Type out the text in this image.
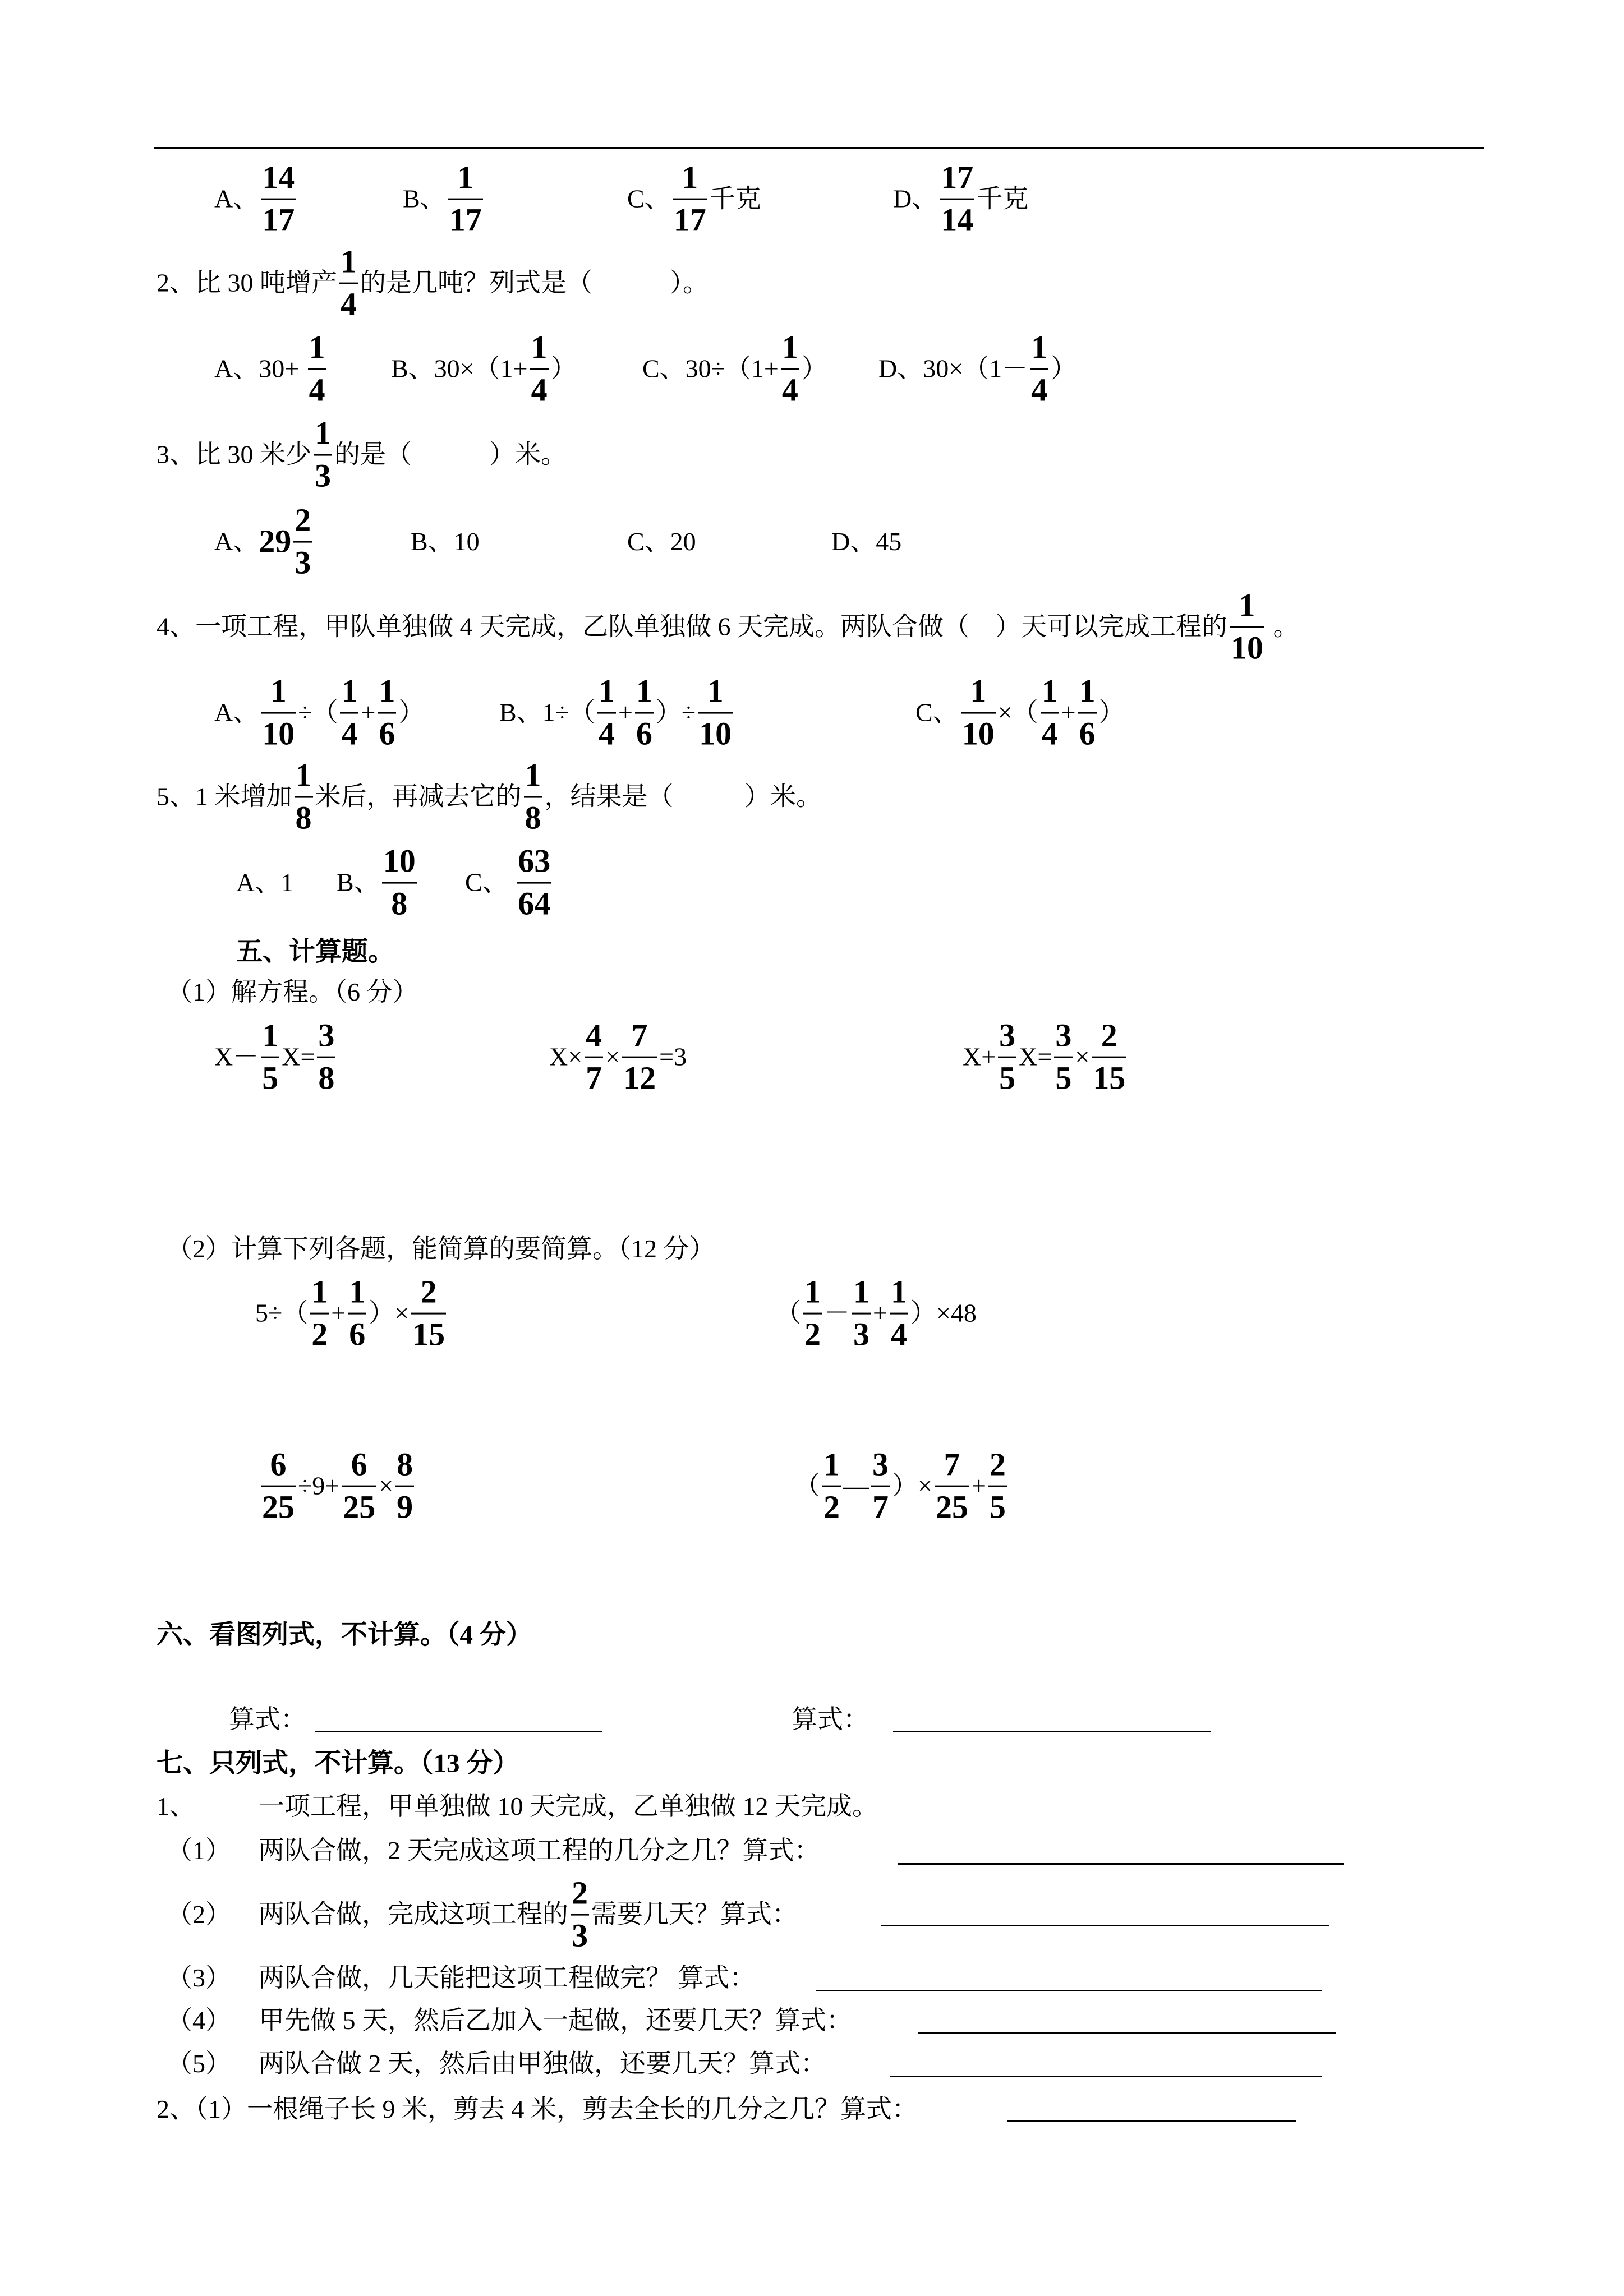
A、 $\frac{14}{17}$	B、 $\frac{1}{17}$	C、 $\frac{1}{17}$ 千克	D、 $\frac{17}{14}$ 千克
2、比 30 吨增产 $\frac{1}{4}$ 的是几吨？列式是（            ）。
A、$30+ \frac{1}{4}$	B、$30\times(1+ \frac{1}{4}$ ）	C、$30\div(1+ \frac{1}{4}$ ） D、$30\times(1- \frac{1}{4}$ ）
3、比 30 米少 $\frac{1}{3}$ 的是（            ）米。
A、 $29 \frac{2}{3}$	B、10	C、20	D、45
4、一项工程，甲队单独做 4 天完成，乙队单独做 6 天完成。两队合做（    ）天可以完成工程的 $\frac{1}{10}$ 。
A、 $\frac{1}{10}$ ÷（ $\frac{1}{4} + \frac{1}{6}$ ）	B、$1\div( \frac{1}{4} + \frac{1}{6}$ ）÷ $\frac{1}{10}$	C、 $\frac{1}{10}$ ×（ $\frac{1}{4} + \frac{1}{6}$ ）
5、1 米增加 $\frac{1}{8}$ 米后，再减去它的 $\frac{1}{8}$ ，结果是（           ）米。
A、1 B、 $\frac{10}{8}$ C、 $\frac{63}{64}$
五、计算题。
（1）解方程。（6 分）
$X- \frac{1}{5} X= \frac{3}{8}$	$X\times \frac{4}{7} \times \frac{7}{12} =3$	$X+ \frac{3}{5} X= \frac{3}{5} \times \frac{2}{15}$
（2）计算下列各题，能简算的要简算。（12 分）
$5\div( \frac{1}{2} + \frac{1}{6}$ ）× $\frac{2}{15}$	（ $\frac{1}{2} - \frac{1}{3} + \frac{1}{4} )\times 48$
$\frac{6}{25} \div 9+ \frac{6}{25} \times \frac{8}{9}$	（ $\frac{1}{2}$ — $\frac{3}{7}$ ）× $\frac{7}{25} + \frac{2}{5}$
六、看图列式，不计算。（4 分）
算式：	算式：
七、只列式，不计算。（13 分）
1、 一项工程，甲单独做 10 天完成，乙单独做 12 天完成。
（1） 两队合做，2 天完成这项工程的几分之几？算式：
（2） 两队合做，完成这项工程的 $\frac{2}{3}$ 需要几天？算式：
（3） 两队合做，几天能把这项工程做完？ 算式：
（4） 甲先做 5 天，然后乙加入一起做，还要几天？算式：
（5） 两队合做 2 天，然后由甲独做，还要几天？算式：
2、（1）一根绳子长 9 米，剪去 4 米，剪去全长的几分之几？算式：
